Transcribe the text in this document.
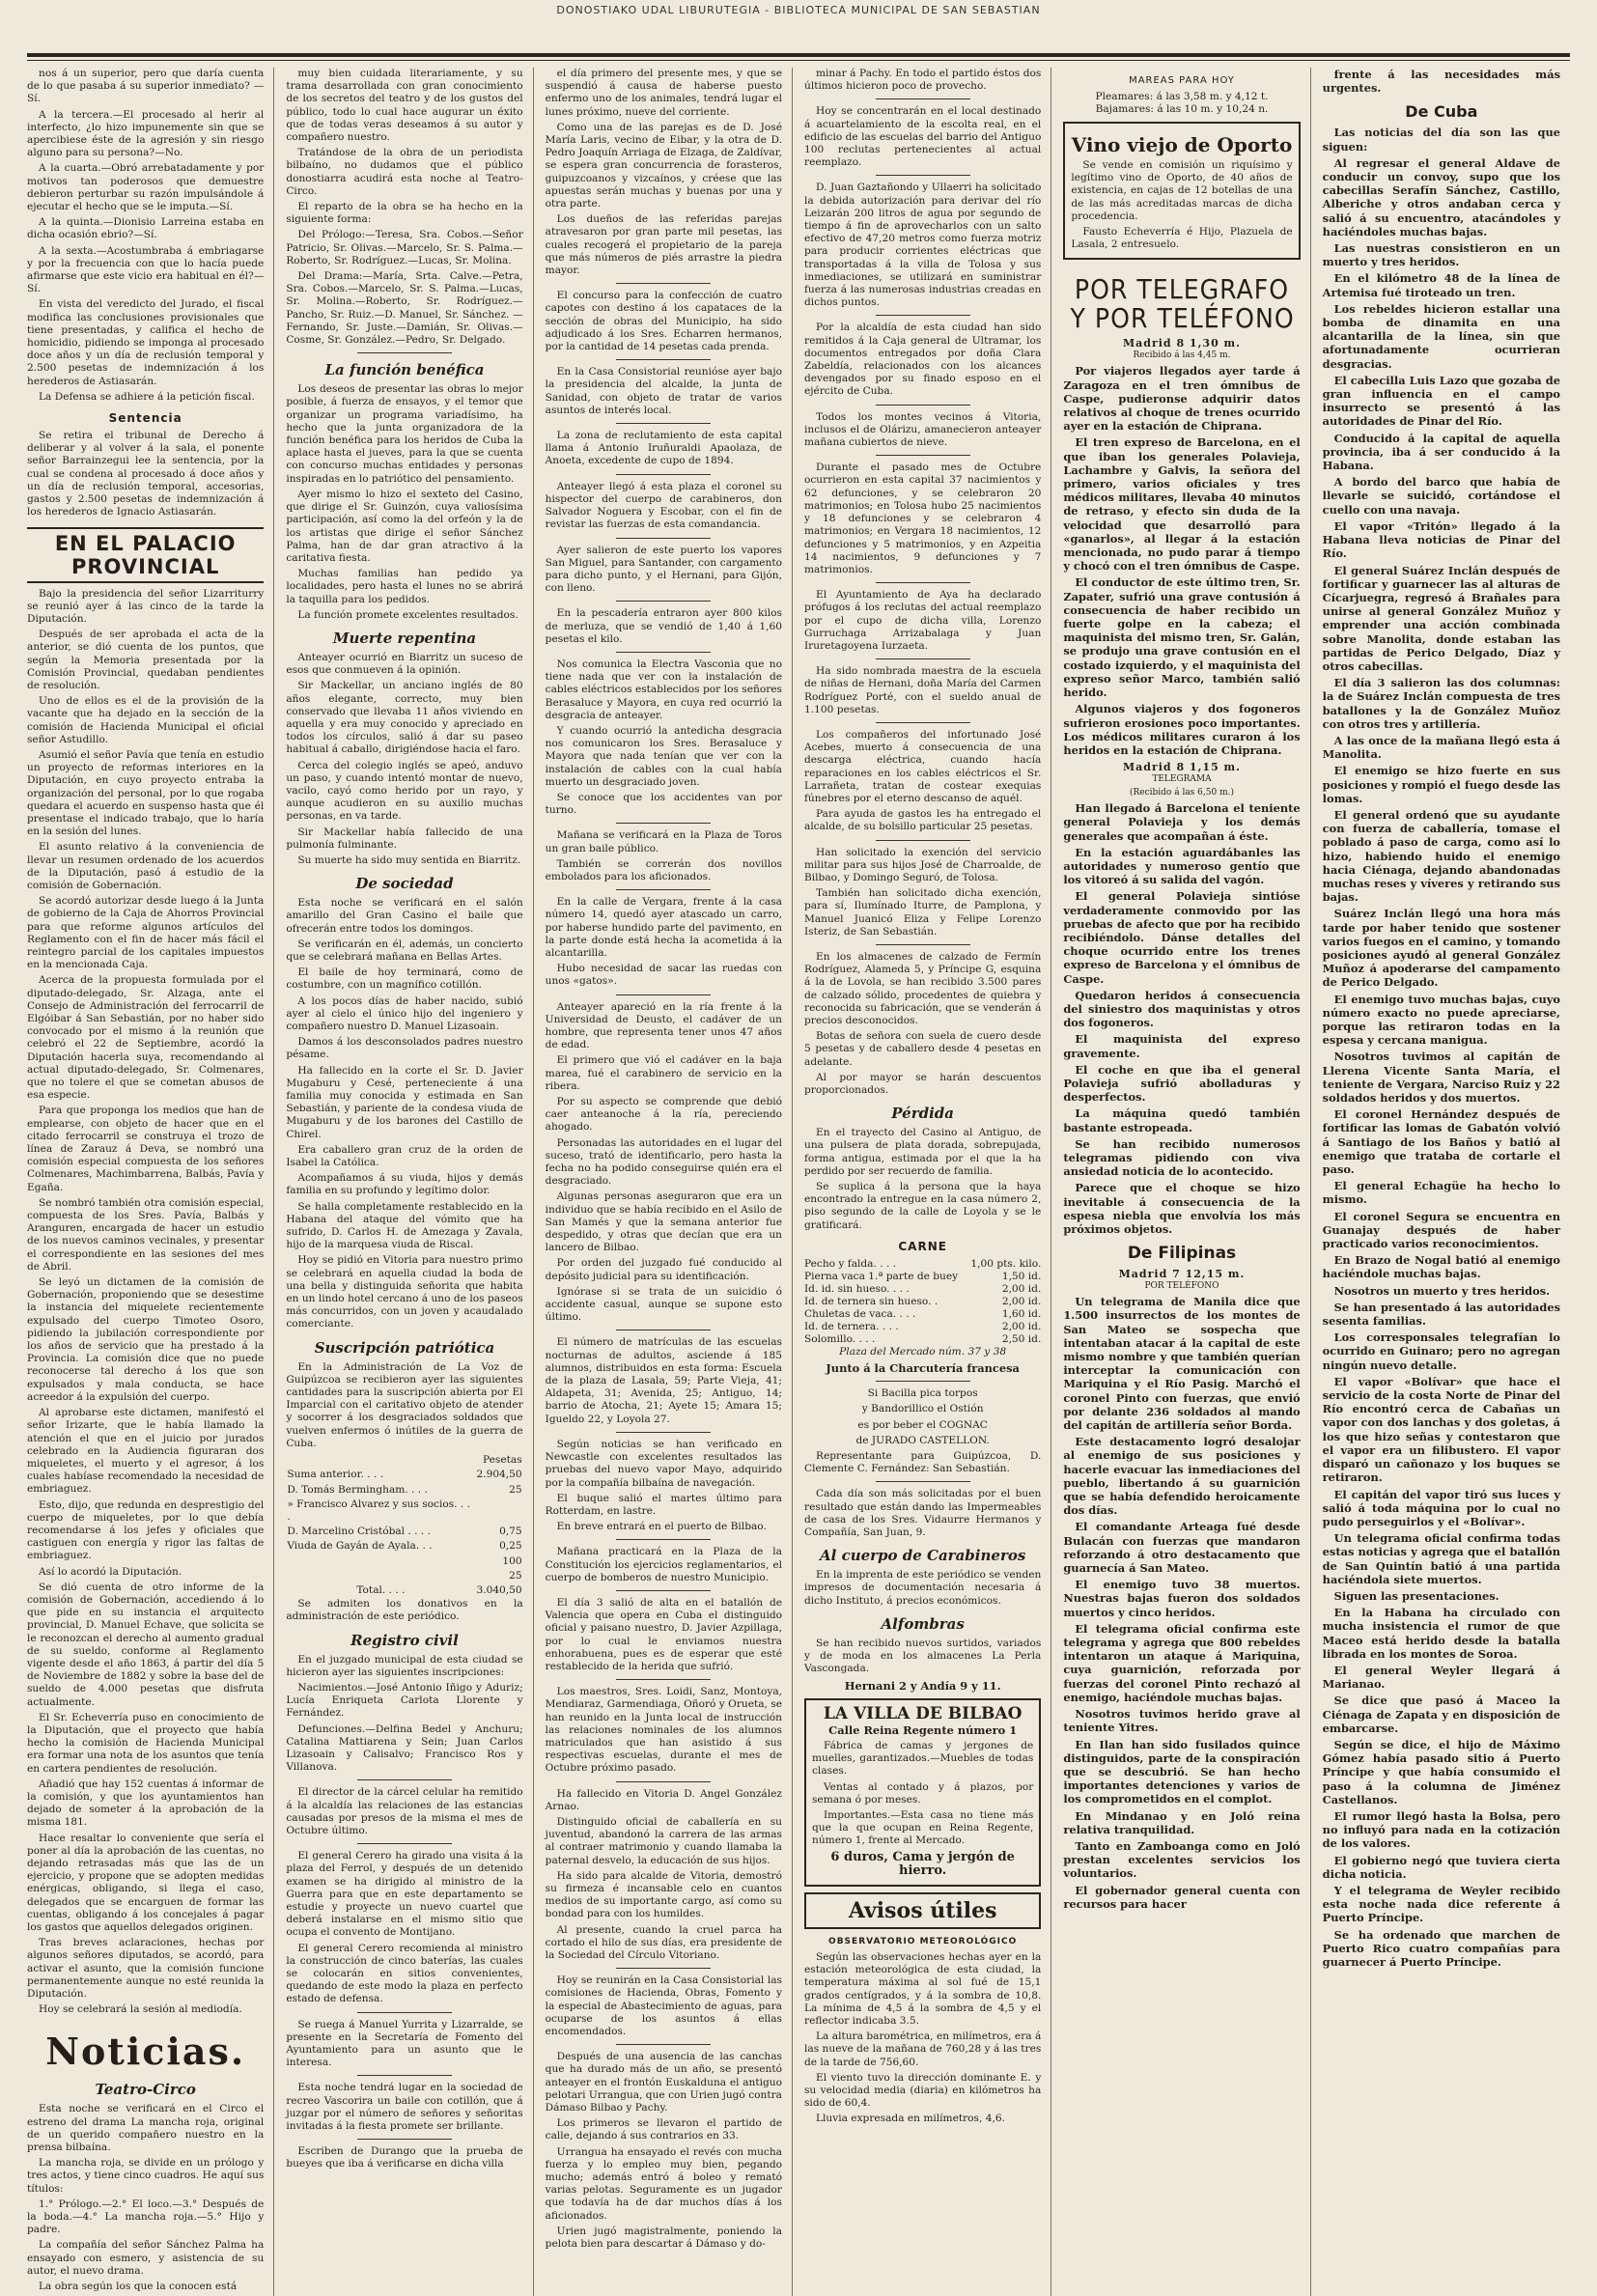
DONOSTIAKO UDAL LIBURUTEGIA - BIBLIOTECA MUNICIPAL DE SAN SEBASTIAN

nos á un superior, pero que daría cuenta de lo que pasaba á su superior inmediato? —Sí.

A la tercera.—El procesado al herir al interfecto, ¿lo hizo impunemente sin que se apercibiese éste de la agresión y sin riesgo alguno para su persona?—No.

A la cuarta.—Obró arrebatadamente y por motivos tan poderosos que demuestre debieron perturbar su razón impulsándole á ejecutar el hecho que se le imputa.—Sí.

A la quinta.—Dionisio Larreina estaba en dicha ocasión ebrio?—Sí.

A la sexta.—Acostumbraba á embriagarse y por la frecuencia con que lo hacía puede afirmarse que este vicio era habitual en él?—Sí.

En vista del veredicto del Jurado, el fiscal modifica las conclusiones provisionales que tiene presentadas, y califica el hecho de homicidio, pidiendo se imponga al procesado doce años y un día de reclusión temporal y 2.500 pesetas de indemnización á los herederos de Astiasarán.

La Defensa se adhiere á la petición fiscal.

Sentencia

Se retira el tribunal de Derecho á deliberar y al volver á la sala, el ponente señor Barrainzegui lee la sentencia, por la cual se condena al procesado á doce años y un día de reclusión temporal, accesorias, gastos y 2.500 pesetas de indemnización á los herederos de Ignacio Astiasarán.

EN EL PALACIO PROVINCIAL

Bajo la presidencia del señor Lizarriturry se reunió ayer á las cinco de la tarde la Diputación.

Después de ser aprobada el acta de la anterior, se dió cuenta de los puntos, que según la Memoria presentada por la Comisión Provincial, quedaban pendientes de resolución.

Uno de ellos es el de la provisión de la vacante que ha dejado en la sección de la comisión de Hacienda Municipal el oficial señor Astudillo.

Asumió el señor Pavía que tenía en estudio un proyecto de reformas interiores en la Diputación, en cuyo proyecto entraba la organización del personal, por lo que rogaba quedara el acuerdo en suspenso hasta que él presentase el indicado trabajo, que lo haría en la sesión del lunes.

El asunto relativo á la conveniencia de llevar un resumen ordenado de los acuerdos de la Diputación, pasó á estudio de la comisión de Gobernación.

Se acordó autorizar desde luego á la Junta de gobierno de la Caja de Ahorros Provincial para que reforme algunos artículos del Reglamento con el fin de hacer más fácil el reintegro parcial de los capitales impuestos en la mencionada Caja.

Acerca de la propuesta formulada por el diputado-delegado, Sr. Alzaga, ante el Consejo de Administración del ferrocarril de Elgóibar á San Sebastián, por no haber sido convocado por el mismo á la reunión que celebró el 22 de Septiembre, acordó la Diputación hacerla suya, recomendando al actual diputado-delegado, Sr. Colmenares, que no tolere el que se cometan abusos de esa especie.

Para que proponga los medios que han de emplearse, con objeto de hacer que en el citado ferrocarril se construya el trozo de línea de Zarauz á Deva, se nombró una comisión especial compuesta de los señores Colmenares, Machimbarrena, Balbás, Pavía y Egaña.

Se nombró también otra comisión especial, compuesta de los Sres. Pavía, Balbás y Aranguren, encargada de hacer un estudio de los nuevos caminos vecinales, y presentar el correspondiente en las sesiones del mes de Abril.

Se leyó un dictamen de la comisión de Gobernación, proponiendo que se desestime la instancia del miquelete recientemente expulsado del cuerpo Timoteo Osoro, pidiendo la jubilación correspondiente por los años de servicio que ha prestado á la Provincia. La comisión dice que no puede reconocerse tal derecho á los que son expulsados y mala conducta, se hace acreedor á la expulsión del cuerpo.

Al aprobarse este dictamen, manifestó el señor Irizarte, que le había llamado la atención el que en el juicio por jurados celebrado en la Audiencia figuraran dos miqueletes, el muerto y el agresor, á los cuales habíase recomendado la necesidad de embriaguez.

Esto, dijo, que redunda en desprestigio del cuerpo de miqueletes, por lo que debía recomendarse á los jefes y oficiales que castiguen con energía y rigor las faltas de embriaguez.

Así lo acordó la Diputación.

Se dió cuenta de otro informe de la comisión de Gobernación, accediendo á lo que pide en su instancia el arquitecto provincial, D. Manuel Echave, que solicita se le reconozcan el derecho al aumento gradual de su sueldo, conforme al Reglamento vigente desde el año 1863, á partir del día 5 de Noviembre de 1882 y sobre la base del de sueldo de 4.000 pesetas que disfruta actualmente.

El Sr. Echeverría puso en conocimiento de la Diputación, que el proyecto que había hecho la comisión de Hacienda Municipal era formar una nota de los asuntos que tenía en cartera pendientes de resolución.

Añadió que hay 152 cuentas á informar de la comisión, y que los ayuntamientos han dejado de someter á la aprobación de la misma 181.

Hace resaltar lo conveniente que sería el poner al día la aprobación de las cuentas, no dejando retrasadas más que las de un ejercicio, y propone que se adopten medidas enérgicas, obligando, si llega el caso, delegados que se encarguen de formar las cuentas, obligando á los concejales á pagar los gastos que aquellos delegados originen.

Tras breves aclaraciones, hechas por algunos señores diputados, se acordó, para activar el asunto, que la comisión funcione permanentemente aunque no esté reunida la Diputación.

Hoy se celebrará la sesión al mediodía.

Noticias.
Teatro-Circo

Esta noche se verificará en el Circo el estreno del drama La mancha roja, original de un querido compañero nuestro en la prensa bilbaína.

La mancha roja, se divide en un prólogo y tres actos, y tiene cinco cuadros. He aquí sus títulos:

1.° Prólogo.—2.° El loco.—3.° Después de la boda.—4.° La mancha roja.—5.° Hijo y padre.

La compañía del señor Sánchez Palma ha ensayado con esmero, y asistencia de su autor, el nuevo drama.

La obra según los que la conocen está

muy bien cuidada literariamente, y su trama desarrollada con gran conocimiento de los secretos del teatro y de los gustos del público, todo lo cual hace augurar un éxito que de todas veras deseamos á su autor y compañero nuestro.

Tratándose de la obra de un periodista bilbaíno, no dudamos que el público donostiarra acudirá esta noche al Teatro-Circo.

El reparto de la obra se ha hecho en la siguiente forma:

Del Prólogo:—Teresa, Sra. Cobos.—Señor Patricio, Sr. Olivas.—Marcelo, Sr. S. Palma.—Roberto, Sr. Rodríguez.—Lucas, Sr. Molina.

Del Drama:—María, Srta. Calve.—Petra, Sra. Cobos.—Marcelo, Sr. S. Palma.—Lucas, Sr. Molina.—Roberto, Sr. Rodríguez.—Pancho, Sr. Ruiz.—D. Manuel, Sr. Sánchez. —Fernando, Sr. Juste.—Damián, Sr. Olivas.—Cosme, Sr. González.—Pedro, Sr. Delgado.

La función benéfica

Los deseos de presentar las obras lo mejor posible, á fuerza de ensayos, y el temor que organizar un programa variadísimo, ha hecho que la junta organizadora de la función benéfica para los heridos de Cuba la aplace hasta el jueves, para la que se cuenta con concurso muchas entidades y personas inspiradas en lo patriótico del pensamiento.

Ayer mismo lo hizo el sexteto del Casino, que dirige el Sr. Guinzón, cuya valiosísima participación, así como la del orfeón y la de los artistas que dirige el señor Sánchez Palma, han de dar gran atractivo á la caritativa fiesta.

Muchas familias han pedido ya localidades, pero hasta el lunes no se abrirá la taquilla para los pedidos.

La función promete excelentes resultados.

Muerte repentina

Anteayer ocurrió en Biarritz un suceso de esos que conmueven á la opinión.

Sir Mackellar, un anciano inglés de 80 años elegante, correcto, muy bien conservado que llevaba 11 años viviendo en aquella y era muy conocido y apreciado en todos los círculos, salió á dar su paseo habitual á caballo, dirigiéndose hacia el faro.

Cerca del colegio inglés se apeó, anduvo un paso, y cuando intentó montar de nuevo, vacilo, cayó como herido por un rayo, y aunque acudieron en su auxilio muchas personas, en va tarde.

Sir Mackellar había fallecido de una pulmonía fulminante.

Su muerte ha sido muy sentida en Biarritz.

De sociedad

Esta noche se verificará en el salón amarillo del Gran Casino el baile que ofrecerán entre todos los domingos.

Se verificarán en él, además, un concierto que se celebrará mañana en Bellas Artes.

El baile de hoy terminará, como de costumbre, con un magnífico cotillón.

A los pocos días de haber nacido, subió ayer al cielo el único hijo del ingeniero y compañero nuestro D. Manuel Lizasoain.

Damos á los desconsolados padres nuestro pésame.

Ha fallecido en la corte el Sr. D. Javier Mugaburu y Cesé, perteneciente á una familia muy conocida y estimada en San Sebastián, y pariente de la condesa viuda de Mugaburu y de los barones del Castillo de Chirel.

Era caballero gran cruz de la orden de Isabel la Católica.

Acompañamos á su viuda, hijos y demás familia en su profundo y legítimo dolor.

Se halla completamente restablecido en la Habana del ataque del vómito que ha sufrido, D. Carlos H. de Amezaga y Zavala, hijo de la marquesa viuda de Riscal.

Hoy se pidió en Vitoria para nuestro primo se celebrará en aquella ciudad la boda de una bella y distinguida señorita que habita en un lindo hotel cercano á uno de los paseos más concurridos, con un joven y acaudalado comerciante.

Suscripción patriótica

En la Administración de La Voz de Guipúzcoa se recibieron ayer las siguientes cantidades para la suscripción abierta por El Imparcial con el caritativo objeto de atender y socorrer á los desgraciados soldados que vuelven enfermos ó inútiles de la guerra de Cuba.

	Pesetas
Suma anterior. . . .	2.904,50
D. Tomás Bermingham. . . .	25
» Francisco Alvarez y sus socios. . . .	
D. Marcelino Cristóbal . . . .	0,75
Viuda de Gayán de Ayala. . .	0,25
	100
	25
Total. . . .	3.040,50

Se admiten los donativos en la administración de este periódico.

Registro civil

En el juzgado municipal de esta ciudad se hicieron ayer las siguientes inscripciones:

Nacimientos.—José Antonio Iñigo y Aduriz; Lucía Enriqueta Carlota Llorente y Fernández.

Defunciones.—Delfina Bedel y Anchuru; Catalina Mattiarena y Sein; Juan Carlos Lizasoain y Calisalvo; Francisco Ros y Villanova.

El director de la cárcel celular ha remitido á la alcaldía las relaciones de las estancias causadas por presos de la misma el mes de Octubre último.

El general Cerero ha girado una visita á la plaza del Ferrol, y después de un detenido examen se ha dirigido al ministro de la Guerra para que en este departamento se estudie y proyecte un nuevo cuartel que deberá instalarse en el mismo sitio que ocupa el convento de Montijano.

El general Cerero recomienda al ministro la construcción de cinco baterías, las cuales se colocarán en sitios convenientes, quedando de este modo la plaza en perfecto estado de defensa.

Se ruega á Manuel Yurrita y Lizarralde, se presente en la Secretaría de Fomento del Ayuntamiento para un asunto que le interesa.

Esta noche tendrá lugar en la sociedad de recreo Vascorira un baile con cotillón, que á juzgar por el número de señores y señoritas invitadas á la fiesta promete ser brillante.

Escriben de Durango que la prueba de bueyes que iba á verificarse en dicha villa

el día primero del presente mes, y que se suspendió á causa de haberse puesto enfermo uno de los animales, tendrá lugar el lunes próximo, nueve del corriente.

Como una de las parejas es de D. José María Laris, vecino de Eibar, y la otra de D. Pedro Joaquín Arriaga de Elzaga, de Zaldívar, se espera gran concurrencia de forasteros, guipuzcoanos y vizcaínos, y créese que las apuestas serán muchas y buenas por una y otra parte.

Los dueños de las referidas parejas atravesaron por gran parte mil pesetas, las cuales recogerá el propietario de la pareja que más números de piés arrastre la piedra mayor.

El concurso para la confección de cuatro capotes con destino á los capataces de la sección de obras del Municipio, ha sido adjudicado á los Sres. Echarren hermanos, por la cantidad de 14 pesetas cada prenda.

En la Casa Consistorial reunióse ayer bajo la presidencia del alcalde, la junta de Sanidad, con objeto de tratar de varios asuntos de interés local.

La zona de reclutamiento de esta capital llama á Antonio Iruñuraldi Apaolaza, de Anoeta, excedente de cupo de 1894.

Anteayer llegó á esta plaza el coronel su hispector del cuerpo de carabineros, don Salvador Noguera y Escobar, con el fin de revistar las fuerzas de esta comandancia.

Ayer salieron de este puerto los vapores San Miguel, para Santander, con cargamento para dicho punto, y el Hernani, para Gijón, con lleno.

En la pescadería entraron ayer 800 kilos de merluza, que se vendió de 1,40 á 1,60 pesetas el kilo.

Nos comunica la Electra Vasconia que no tiene nada que ver con la instalación de cables eléctricos establecidos por los señores Berasaluce y Mayora, en cuya red ocurrió la desgracia de anteayer.

Y cuando ocurrió la antedicha desgracia nos comunicaron los Sres. Berasaluce y Mayora que nada tenían que ver con la instalación de cables con la cual había muerto un desgraciado joven.

Se conoce que los accidentes van por turno.

Mañana se verificará en la Plaza de Toros un gran baile público.

También se correrán dos novillos embolados para los aficionados.

En la calle de Vergara, frente á la casa número 14, quedó ayer atascado un carro, por haberse hundido parte del pavimento, en la parte donde está hecha la acometida á la alcantarilla.

Hubo necesidad de sacar las ruedas con unos «gatos».

Anteayer apareció en la ría frente á la Universidad de Deusto, el cadáver de un hombre, que representa tener unos 47 años de edad.

El primero que vió el cadáver en la baja marea, fué el carabinero de servicio en la ribera.

Por su aspecto se comprende que debió caer anteanoche á la ría, pereciendo ahogado.

Personadas las autoridades en el lugar del suceso, trató de identificarlo, pero hasta la fecha no ha podido conseguirse quién era el desgraciado.

Algunas personas aseguraron que era un individuo que se había recibido en el Asilo de San Mamés y que la semana anterior fue despedido, y otras que decían que era un lancero de Bilbao.

Por orden del juzgado fué conducido al depósito judicial para su identificación.

Ignórase si se trata de un suicidio ó accidente casual, aunque se supone esto último.

El número de matrículas de las escuelas nocturnas de adultos, asciende á 185 alumnos, distribuidos en esta forma: Escuela de la plaza de Lasala, 59; Parte Vieja, 41; Aldapeta, 31; Avenida, 25; Antiguo, 14; barrio de Atocha, 21; Ayete 15; Amara 15; Igueldo 22, y Loyola 27.

Según noticias se han verificado en Newcastle con excelentes resultados las pruebas del nuevo vapor Mayo, adquirido por la compañía bilbaína de navegación.

El buque salió el martes último para Rotterdam, en lastre.

En breve entrará en el puerto de Bilbao.

Mañana practicará en la Plaza de la Constitución los ejercicios reglamentarios, el cuerpo de bomberos de nuestro Municipio.

El día 3 salió de alta en el batallón de Valencia que opera en Cuba el distinguido oficial y paisano nuestro, D. Javier Azpillaga, por lo cual le enviamos nuestra enhorabuena, pues es de esperar que esté restablecido de la herida que sufrió.

Los maestros, Sres. Loidi, Sanz, Montoya, Mendiaraz, Garmendiaga, Oñoró y Orueta, se han reunido en la Junta local de instrucción las relaciones nominales de los alumnos matriculados que han asistido á sus respectivas escuelas, durante el mes de Octubre próximo pasado.

Ha fallecido en Vitoria D. Angel González Arnao.

Distinguido oficial de caballería en su juventud, abandonó la carrera de las armas al contraer matrimonio y cuando llamaba la paternal desvelo, la educación de sus hijos.

Ha sido para alcalde de Vitoria, demostró su firmeza é incansable celo en cuantos medios de su importante cargo, así como su bondad para con los humildes.

Al presente, cuando la cruel parca ha cortado el hilo de sus días, era presidente de la Sociedad del Círculo Vitoriano.

Hoy se reunirán en la Casa Consistorial las comisiones de Hacienda, Obras, Fomento y la especial de Abastecimiento de aguas, para ocuparse de los asuntos á ellas encomendados.

Después de una ausencia de las canchas que ha durado más de un año, se presentó anteayer en el frontón Euskalduna el antiguo pelotari Urrangua, que con Urien jugó contra Dámaso Bilbao y Pachy.

Los primeros se llevaron el partido de calle, dejando á sus contrarios en 33.

Urrangua ha ensayado el revés con mucha fuerza y lo empleo muy bien, pegando mucho; además entró á boleo y remató varias pelotas. Seguramente es un jugador que todavía ha de dar muchos días á los aficionados.

Urien jugó magistralmente, poniendo la pelota bien para descartar á Dámaso y do-

minar á Pachy. En todo el partido éstos dos últimos hicieron poco de provecho.

Hoy se concentrarán en el local destinado á acuartelamiento de la escolta real, en el edificio de las escuelas del barrio del Antiguo 100 reclutas pertenecientes al actual reemplazo.

D. Juan Gaztañondo y Ullaerri ha solicitado la debida autorización para derivar del río Leizarán 200 litros de agua por segundo de tiempo á fin de aprovecharlos con un salto efectivo de 47,20 metros como fuerza motriz para producir corrientes eléctricas que transportadas á la villa de Tolosa y sus inmediaciones, se utilizará en suministrar fuerza á las numerosas industrias creadas en dichos puntos.

Por la alcaldía de esta ciudad han sido remitidos á la Caja general de Ultramar, los documentos entregados por doña Clara Zabeldía, relacionados con los alcances devengados por su finado esposo en el ejército de Cuba.

Todos los montes vecinos á Vitoria, inclusos el de Olárizu, amanecieron anteayer mañana cubiertos de nieve.

Durante el pasado mes de Octubre ocurrieron en esta capital 37 nacimientos y 62 defunciones, y se celebraron 20 matrimonios; en Tolosa hubo 25 nacimientos y 18 defunciones y se celebraron 4 matrimonios; en Vergara 18 nacimientos, 12 defunciones y 5 matrimonios, y en Azpeitia 14 nacimientos, 9 defunciones y 7 matrimonios.

El Ayuntamiento de Aya ha declarado prófugos á los reclutas del actual reemplazo por el cupo de dicha villa, Lorenzo Gurruchaga Arrizabalaga y Juan Iruretagoyena Iurzaeta.

Ha sido nombrada maestra de la escuela de niñas de Hernani, doña María del Carmen Rodríguez Porté, con el sueldo anual de 1.100 pesetas.

Los compañeros del infortunado José Acebes, muerto á consecuencia de una descarga eléctrica, cuando hacía reparaciones en los cables eléctricos el Sr. Larrañeta, tratan de costear exequias fúnebres por el eterno descanso de aquél.

Para ayuda de gastos les ha entregado el alcalde, de su bolsillo particular 25 pesetas.

Han solicitado la exención del servicio militar para sus hijos José de Charroalde, de Bilbao, y Domingo Seguró, de Tolosa.

También han solicitado dicha exención, para sí, Ilumínado Iturre, de Pamplona, y Manuel Juanicó Eliza y Felipe Lorenzo Isteriz, de San Sebastián.

En los almacenes de calzado de Fermín Rodríguez, Alameda 5, y Príncipe G, esquina á la de Lovola, se han recibido 3.500 pares de calzado sólido, procedentes de quiebra y reconocida su fabricación, que se venderán á precios desconocidos.

Botas de señora con suela de cuero desde 5 pesetas y de caballero desde 4 pesetas en adelante.

Al por mayor se harán descuentos proporcionados.

Pérdida

En el trayecto del Casino al Antiguo, de una pulsera de plata dorada, sobrepujada, forma antigua, estimada por el que la ha perdido por ser recuerdo de familia.

Se suplica á la persona que la haya encontrado la entregue en la casa número 2, piso segundo de la calle de Loyola y se le gratificará.

CARNE
Pecho y falda. . . .	1,00 pts. kilo.
Pierna vaca 1.ª parte de buey	1,50 id.
Id. id. sin hueso. . . .	2,00 id.
Id. de ternera sin hueso. .	2,00 id.
Chuletas de vaca. . . .	1,60 id.
Id. de ternera. . . .	2,00 id.
Solomillo. . . .	2,50 id.

Plaza del Mercado núm. 37 y 38

Junto á la Charcutería francesa

Si Bacilla pica torpos

y Bandorillico el Ostión

es por beber el COGNAC

de JURADO CASTELLON.

Representante para Guipúzcoa, D. Clemente C. Fernández: San Sebastián.

Cada día son más solicitadas por el buen resultado que están dando las Impermeables de casa de los Sres. Vidaurre Hermanos y Compañía, San Juan, 9.

Al cuerpo de Carabineros

En la imprenta de este periódico se venden impresos de documentación necesaria á dicho Instituto, á precios económicos.

Alfombras

Se han recibido nuevos surtidos, variados y de moda en los almacenes La Perla Vascongada.

Hernani 2 y Andía 9 y 11.

LA VILLA DE BILBAO

Calle Reina Regente número 1

Fábrica de camas y jergones de muelles, garantizados.—Muebles de todas clases.

Ventas al contado y á plazos, por semana ó por meses.

Importantes.—Esta casa no tiene más que la que ocupan en Reina Regente, número 1, frente al Mercado.

6 duros, Cama y jergón de hierro.

Avisos útiles
OBSERVATORIO METEOROLÓGICO

Según las observaciones hechas ayer en la estación meteorológica de esta ciudad, la temperatura máxima al sol fué de 15,1 grados centígrados, y á la sombra de 10,8. La mínima de 4,5 á la sombra de 4,5 y el reflector indicaba 3.5.

La altura barométrica, en milímetros, era á las nueve de la mañana de 760,28 y á las tres de la tarde de 756,60.

El viento tuvo la dirección dominante E. y su velocidad media (diaria) en kilómetros ha sido de 60,4.

Lluvia expresada en milímetros, 4,6.

MAREAS PARA HOY
Pleamares: á las 3,58 m. y 4,12 t.
Bajamares: á las 10 m. y 10,24 n.
Vino viejo de Oporto

Se vende en comisión un riquísimo y legítimo vino de Oporto, de 40 años de existencia, en cajas de 12 botellas de una de las más acreditadas marcas de dicha procedencia.

Fausto Echeverría é Hijo, Plazuela de Lasala, 2 entresuelo.

POR TELEGRAFO
Y POR TELÉFONO
Madrid 8 1,30 m.
Recibido á las 4,45 m.

Por viajeros llegados ayer tarde á Zaragoza en el tren ómnibus de Caspe, pudieronse adquirir datos relativos al choque de trenes ocurrido ayer en la estación de Chiprana.

El tren expreso de Barcelona, en el que iban los generales Polavieja, Lachambre y Galvis, la señora del primero, varios oficiales y tres médicos militares, llevaba 40 minutos de retraso, y efecto sin duda de la velocidad que desarrolló para «ganarlos», al llegar á la estación mencionada, no pudo parar á tiempo y chocó con el tren ómnibus de Caspe.

El conductor de este último tren, Sr. Zapater, sufrió una grave contusión á consecuencia de haber recibido un fuerte golpe en la cabeza; el maquinista del mismo tren, Sr. Galán, se produjo una grave contusión en el costado izquierdo, y el maquinista del expreso señor Marco, también salió herido.

Algunos viajeros y dos fogoneros sufrieron erosiones poco importantes. Los médicos militares curaron á los heridos en la estación de Chiprana.

Madrid 8 1,15 m.
TELEGRAMA
(Recibido á las 6,50 m.)

Han llegado á Barcelona el teniente general Polavieja y los demás generales que acompañan á éste.

En la estación aguardábanles las autoridades y numeroso gentío que los vitoreó á su salida del vagón.

El general Polavieja sintióse verdaderamente conmovido por las pruebas de afecto que por ha recibido recibiéndolo. Dánse detalles del choque ocurrido entre los trenes expreso de Barcelona y el ómnibus de Caspe.

Quedaron heridos á consecuencia del siniestro dos maquinistas y otros dos fogoneros.

El maquinista del expreso gravemente.

El coche en que iba el general Polavieja sufrió abolladuras y desperfectos.

La máquina quedó también bastante estropeada.

Se han recibido numerosos telegramas pidiendo con viva ansiedad noticia de lo acontecido.

Parece que el choque se hizo inevitable á consecuencia de la espesa niebla que envolvía los más próximos objetos.

De Filipinas
Madrid 7 12,15 m.
POR TELÉFONO

Un telegrama de Manila dice que 1.500 insurrectos de los montes de San Mateo se sospecha que intentaban atacar á la capital de este mismo nombre y que también querían interceptar la comunicación con Mariquina y el Río Pasig. Marchó el coronel Pinto con fuerzas, que envió por delante 236 soldados al mando del capitán de artillería señor Borda.

Este destacamento logró desalojar al enemigo de sus posiciones y hacerle evacuar las inmediaciones del pueblo, libertando á su guarnición que se había defendido heroicamente dos días.

El comandante Arteaga fué desde Bulacán con fuerzas que mandaron reforzando á otro destacamento que guarnecía á San Mateo.

El enemigo tuvo 38 muertos. Nuestras bajas fueron dos soldados muertos y cinco heridos.

El telegrama oficial confirma este telegrama y agrega que 800 rebeldes intentaron un ataque á Mariquina, cuya guarnición, reforzada por fuerzas del coronel Pinto rechazó al enemigo, haciéndole muchas bajas.

Nosotros tuvimos herido grave al teniente Yitres.

En Ilan han sido fusilados quince distinguidos, parte de la conspiración que se descubrió. Se han hecho importantes detenciones y varios de los comprometidos en el complot.

En Mindanao y en Joló reina relativa tranquilidad.

Tanto en Zamboanga como en Joló prestan excelentes servicios los voluntarios.

El gobernador general cuenta con recursos para hacer

frente á las necesidades más urgentes.

De Cuba

Las noticias del día son las que siguen:

Al regresar el general Aldave de conducir un convoy, supo que los cabecillas Serafín Sánchez, Castillo, Alberiche y otros andaban cerca y salió á su encuentro, atacándoles y haciéndoles muchas bajas.

Las nuestras consistieron en un muerto y tres heridos.

En el kilómetro 48 de la línea de Artemisa fué tiroteado un tren.

Los rebeldes hicieron estallar una bomba de dinamita en una alcantarilla de la línea, sin que afortunadamente ocurrieran desgracias.

El cabecilla Luis Lazo que gozaba de gran influencia en el campo insurrecto se presentó á las autoridades de Pinar del Río.

Conducido á la capital de aquella provincia, iba á ser conducido á la Habana.

A bordo del barco que había de llevarle se suicidó, cortándose el cuello con una navaja.

El vapor «Tritón» llegado á la Habana lleva noticias de Pinar del Río.

El general Suárez Inclán después de fortificar y guarnecer las al alturas de Cícarjuegra, regresó á Brañales para unirse al general González Muñoz y emprender una acción combinada sobre Manolita, donde estaban las partidas de Perico Delgado, Díaz y otros cabecillas.

El día 3 salieron las dos columnas: la de Suárez Inclán compuesta de tres batallones y la de González Muñoz con otros tres y artillería.

A las once de la mañana llegó esta á Manolita.

El enemigo se hizo fuerte en sus posiciones y rompió el fuego desde las lomas.

El general ordenó que su ayudante con fuerza de caballería, tomase el poblado á paso de carga, como así lo hizo, habiendo huido el enemigo hacia Ciénaga, dejando abandonadas muchas reses y víveres y retirando sus bajas.

Suárez Inclán llegó una hora más tarde por haber tenido que sostener varios fuegos en el camino, y tomando posiciones ayudó al general González Muñoz á apoderarse del campamento de Perico Delgado.

El enemigo tuvo muchas bajas, cuyo número exacto no puede apreciarse, porque las retiraron todas en la espesa y cercana manigua.

Nosotros tuvimos al capitán de Llerena Vicente Santa María, el teniente de Vergara, Narciso Ruiz y 22 soldados heridos y dos muertos.

El coronel Hernández después de fortificar las lomas de Gabatón volvió á Santiago de los Baños y batió al enemigo que trataba de cortarle el paso.

El general Echagüe ha hecho lo mismo.

El coronel Segura se encuentra en Guanajay después de haber practicado varios reconocimientos.

En Brazo de Nogal batió al enemigo haciéndole muchas bajas.

Nosotros un muerto y tres heridos.

Se han presentado á las autoridades sesenta familias.

Los corresponsales telegrafían lo ocurrido en Guinaro; pero no agregan ningún nuevo detalle.

El vapor «Bolívar» que hace el servicio de la costa Norte de Pinar del Río encontró cerca de Cabañas un vapor con dos lanchas y dos goletas, á los que hizo señas y contestaron que el vapor era un filibustero. El vapor disparó un cañonazo y los buques se retiraron.

El capitán del vapor tiró sus luces y salió á toda máquina por lo cual no pudo perseguirlos y el «Bolívar».

Un telegrama oficial confirma todas estas noticias y agrega que el batallón de San Quintín batió á una partida haciéndola siete muertos.

Siguen las presentaciones.

En la Habana ha circulado con mucha insistencia el rumor de que Maceo está herido desde la batalla librada en los montes de Soroa.

El general Weyler llegará á Marianao.

Se dice que pasó á Maceo la Ciénaga de Zapata y en disposición de embarcarse.

Según se dice, el hijo de Máximo Gómez había pasado sitio á Puerto Príncipe y que había consumido el paso á la columna de Jiménez Castellanos.

El rumor llegó hasta la Bolsa, pero no influyó para nada en la cotización de los valores.

El gobierno negó que tuviera cierta dicha noticia.

Y el telegrama de Weyler recibido esta noche nada dice referente á Puerto Príncipe.

Se ha ordenado que marchen de Puerto Rico cuatro compañías para guarnecer á Puerto Príncipe.
